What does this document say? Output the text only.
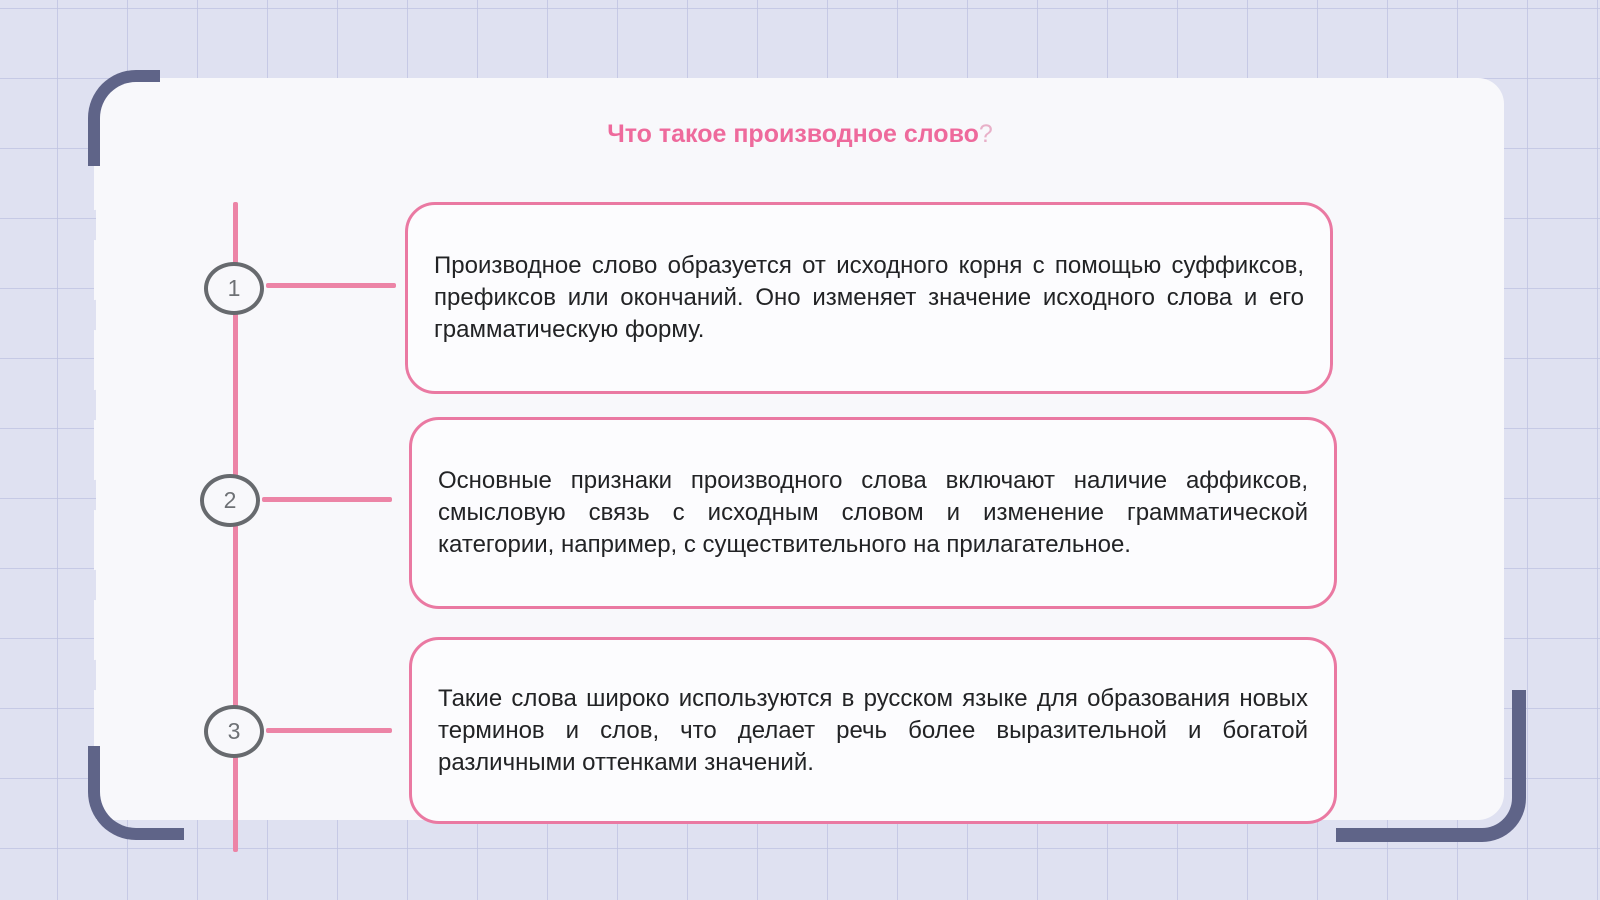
Что такое производное слово?
1
2
3

Производное слово образуется от исходного корня с помощью суффиксов, префиксов или окончаний. Оно изменяет значение исходного слова и его грамматическую форму.

Основные признаки производного слова включают наличие аффиксов, смысловую связь с исходным словом и изменение грамматической категории, например, с существительного на прилагательное.

Такие слова широко используются в русском языке для образования новых терминов и слов, что делает речь более выразительной и богатой различными оттенками значений.
